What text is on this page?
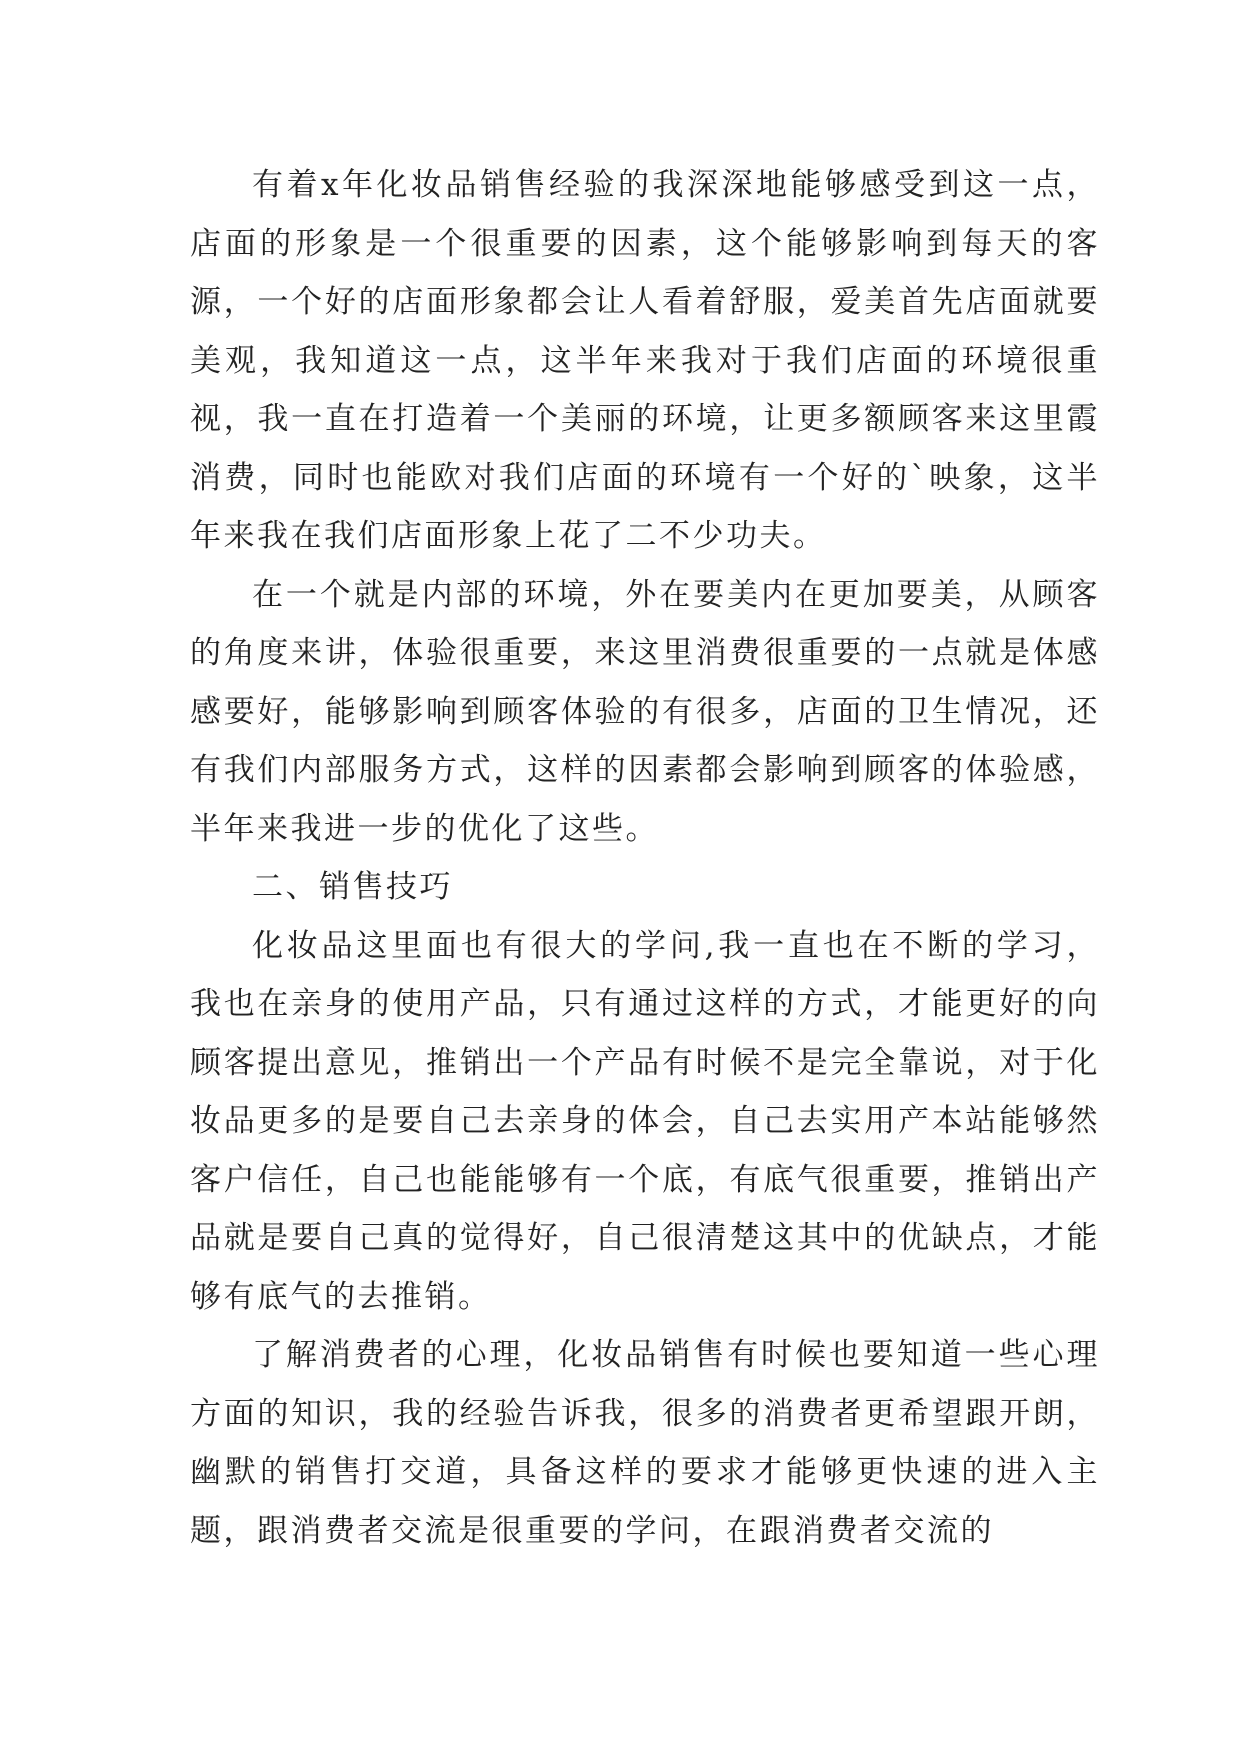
有着x年化妆品销售经验的我深深地能够感受到这一点，店面的形象是一个很重要的因素，这个能够影响到每天的客源，一个好的店面形象都会让人看着舒服，爱美首先店面就要美观，我知道这一点，这半年来我对于我们店面的环境很重视，我一直在打造着一个美丽的环境，让更多额顾客来这里霞消费，同时也能欧对我们店面的环境有一个好的`映象，这半年来我在我们店面形象上花了二不少功夫。

在一个就是内部的环境，外在要美内在更加要美，从顾客的角度来讲，体验很重要，来这里消费很重要的一点就是体感感要好，能够影响到顾客体验的有很多，店面的卫生情况，还有我们内部服务方式，这样的因素都会影响到顾客的体验感，半年来我进一步的优化了这些。

二、销售技巧

化妆品这里面也有很大的学问,我一直也在不断的学习，我也在亲身的使用产品，只有通过这样的方式，才能更好的向顾客提出意见，推销出一个产品有时候不是完全靠说，对于化妆品更多的是要自己去亲身的体会，自己去实用产本站能够然客户信任，自己也能能够有一个底，有底气很重要，推销出产品就是要自己真的觉得好，自己很清楚这其中的优缺点，才能够有底气的去推销。

了解消费者的心理，化妆品销售有时候也要知道一些心理方面的知识，我的经验告诉我，很多的消费者更希望跟开朗，幽默的销售打交道，具备这样的要求才能够更快速的进入主题，跟消费者交流是很重要的学问，在跟消费者交流的
